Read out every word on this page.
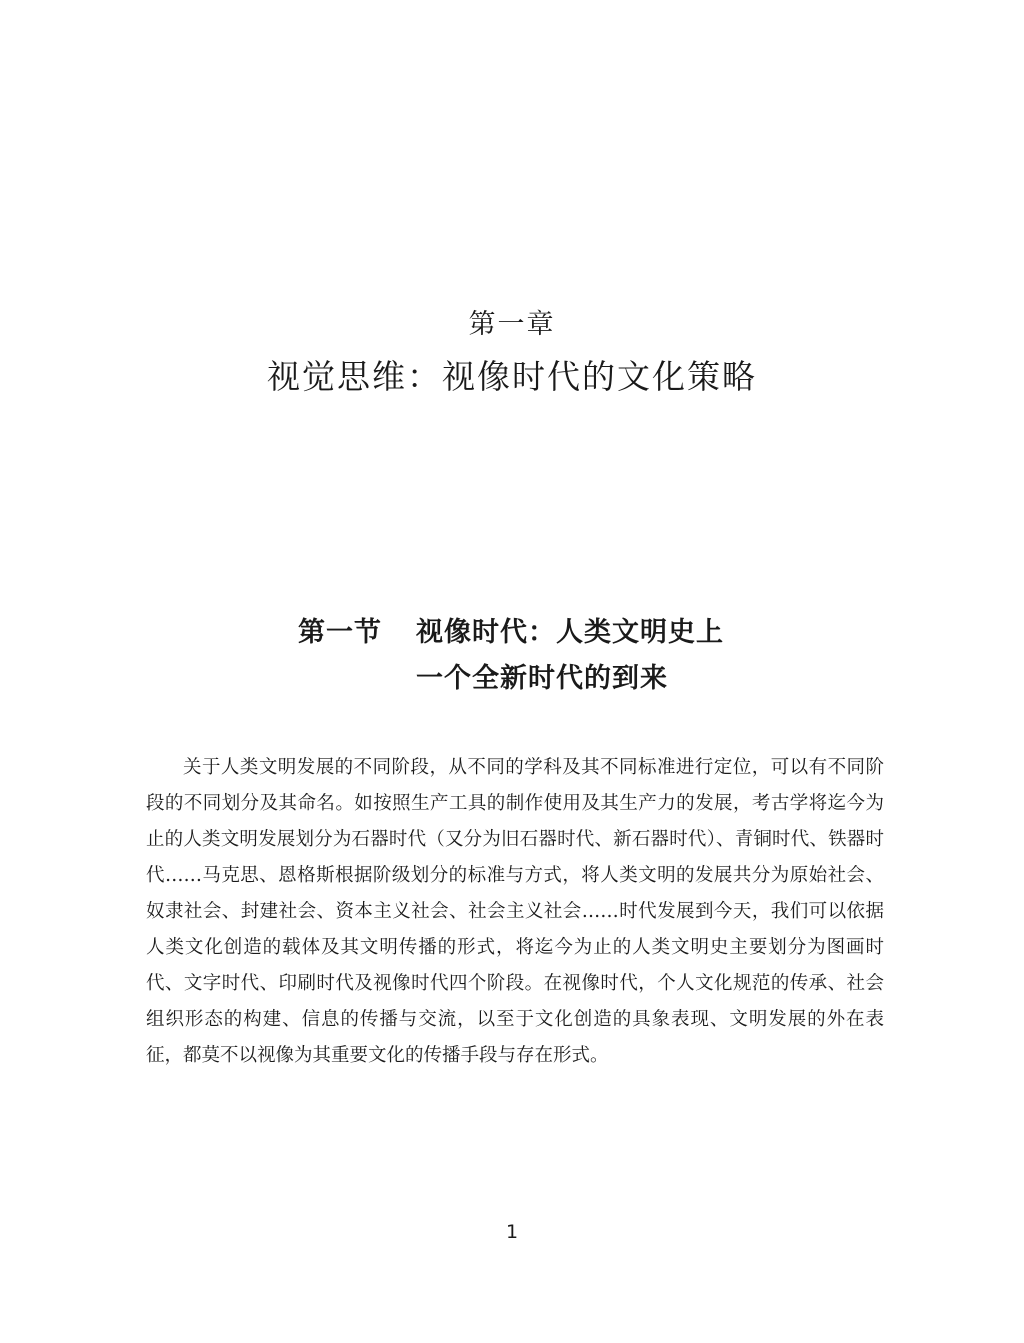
第一章
视觉思维：视像时代的文化策略
第一节 视像时代：人类文明史上
一个全新时代的到来

关于人类文明发展的不同阶段，从不同的学科及其不同标准进行定位，可以有不同阶段的不同划分及其命名。如按照生产工具的制作使用及其生产力的发展，考古学将迄今为止的人类文明发展划分为石器时代（又分为旧石器时代、新石器时代）、青铜时代、铁器时代……马克思、恩格斯根据阶级划分的标准与方式，将人类文明的发展共分为原始社会、奴隶社会、封建社会、资本主义社会、社会主义社会……时代发展到今天，我们可以依据人类文化创造的载体及其文明传播的形式，将迄今为止的人类文明史主要划分为图画时代、文字时代、印刷时代及视像时代四个阶段。在视像时代，个人文化规范的传承、社会组织形态的构建、信息的传播与交流，以至于文化创造的具象表现、文明发展的外在表征，都莫不以视像为其重要文化的传播手段与存在形式。

1
